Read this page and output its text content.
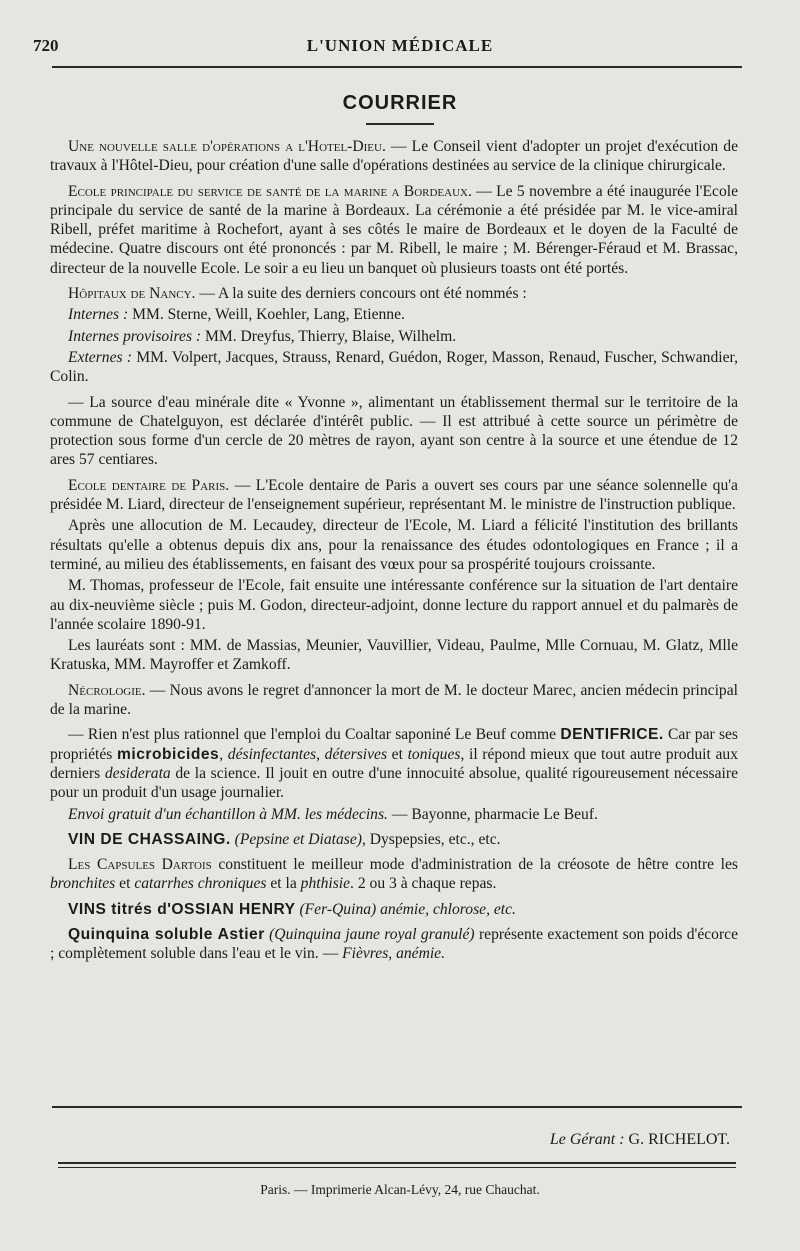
720	L'UNION MÉDICALE
COURRIER

Une nouvelle salle d'opérations a l'Hotel-Dieu. — Le Conseil vient d'adopter un projet d'exécution de travaux à l'Hôtel-Dieu, pour création d'une salle d'opérations destinées au service de la clinique chirurgicale.

Ecole principale du service de santé de la marine a Bordeaux. — Le 5 novembre a été inaugurée l'Ecole principale du service de santé de la marine à Bordeaux. La cérémonie a été présidée par M. le vice-amiral Ribell, préfet maritime à Rochefort, ayant à ses côtés le maire de Bordeaux et le doyen de la Faculté de médecine. Quatre discours ont été prononcés : par M. Ribell, le maire ; M. Bérenger-Féraud et M. Brassac, directeur de la nouvelle Ecole. Le soir a eu lieu un banquet où plusieurs toasts ont été portés.

Hôpitaux de Nancy. — A la suite des derniers concours ont été nommés :

Internes : MM. Sterne, Weill, Koehler, Lang, Etienne.

Internes provisoires : MM. Dreyfus, Thierry, Blaise, Wilhelm.

Externes : MM. Volpert, Jacques, Strauss, Renard, Guédon, Roger, Masson, Renaud, Fuscher, Schwandier, Colin.

— La source d'eau minérale dite « Yvonne », alimentant un établissement thermal sur le territoire de la commune de Chatelguyon, est déclarée d'intérêt public. — Il est attribué à cette source un périmètre de protection sous forme d'un cercle de 20 mètres de rayon, ayant son centre à la source et une étendue de 12 ares 57 centiares.

Ecole dentaire de Paris. — L'Ecole dentaire de Paris a ouvert ses cours par une séance solennelle qu'a présidée M. Liard, directeur de l'enseignement supérieur, représentant M. le ministre de l'instruction publique.

Après une allocution de M. Lecaudey, directeur de l'Ecole, M. Liard a félicité l'institution des brillants résultats qu'elle a obtenus depuis dix ans, pour la renaissance des études odontologiques en France ; il a terminé, au milieu des établissements, en faisant des vœux pour sa prospérité toujours croissante.

M. Thomas, professeur de l'Ecole, fait ensuite une intéressante conférence sur la situation de l'art dentaire au dix-neuvième siècle ; puis M. Godon, directeur-adjoint, donne lecture du rapport annuel et du palmarès de l'année scolaire 1890-91.

Les lauréats sont : MM. de Massias, Meunier, Vauvillier, Videau, Paulme, Mlle Cornuau, M. Glatz, Mlle Kratuska, MM. Mayroffer et Zamkoff.

Nécrologie. — Nous avons le regret d'annoncer la mort de M. le docteur Marec, ancien médecin principal de la marine.

— Rien n'est plus rationnel que l'emploi du Coaltar saponiné Le Beuf comme DENTIFRICE. Car par ses propriétés microbicides, désinfectantes, détersives et toniques, il répond mieux que tout autre produit aux derniers desiderata de la science. Il jouit en outre d'une innocuité absolue, qualité rigoureusement nécessaire pour un produit d'un usage journalier.

Envoi gratuit d'un échantillon à MM. les médecins. — Bayonne, pharmacie Le Beuf.

VIN DE CHASSAING. (Pepsine et Diatase), Dyspepsies, etc., etc.

Les Capsules Dartois constituent le meilleur mode d'administration de la créosote de hêtre contre les bronchites et catarrhes chroniques et la phthisie. 2 ou 3 à chaque repas.

VINS titrés d'OSSIAN HENRY (Fer-Quina) anémie, chlorose, etc.

Quinquina soluble Astier (Quinquina jaune royal granulé) représente exactement son poids d'écorce ; complètement soluble dans l'eau et le vin. — Fièvres, anémie.

Le Gérant : G. RICHELOT.
Paris. — Imprimerie Alcan-Lévy, 24, rue Chauchat.
